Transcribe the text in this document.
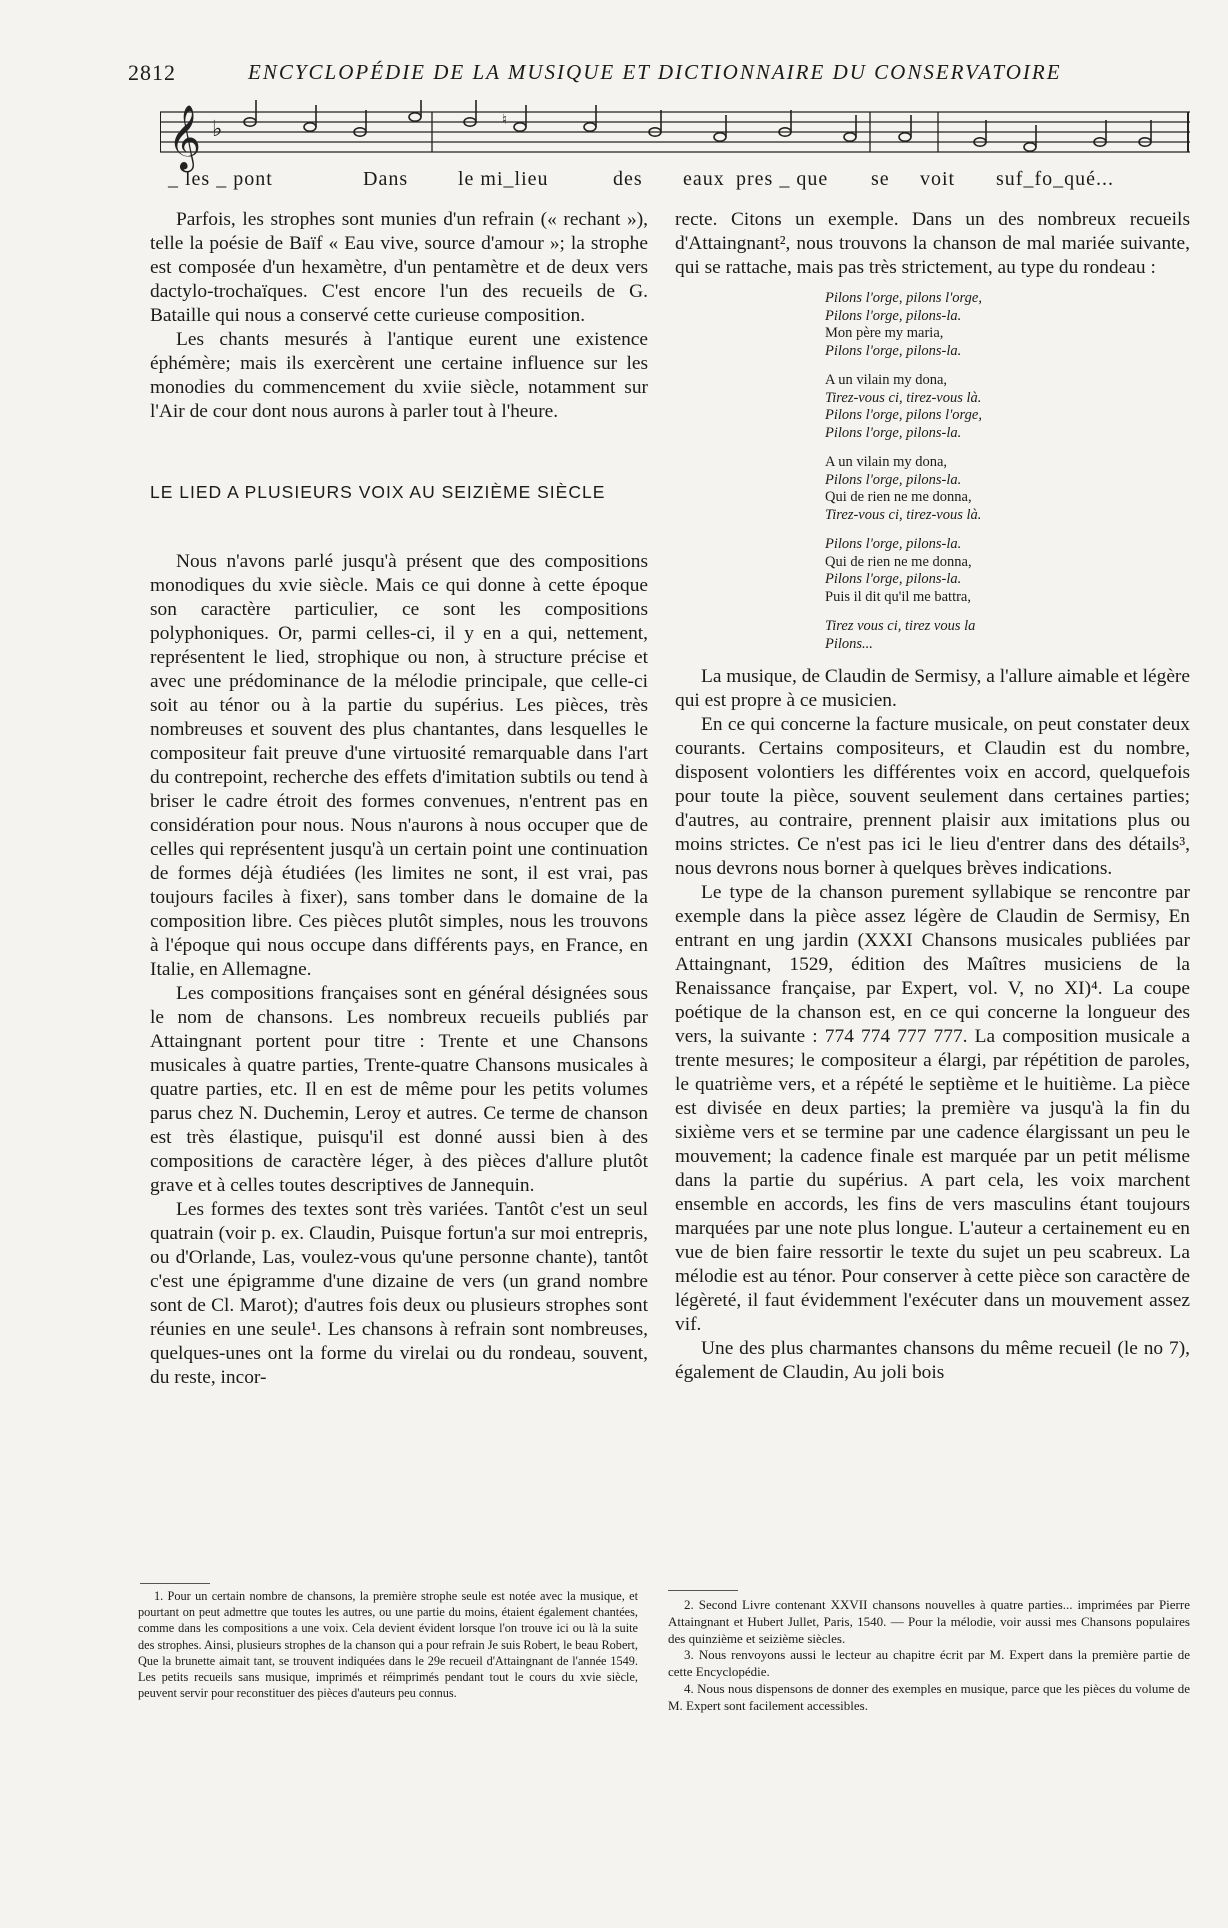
2812	ENCYCLOPÉDIE DE LA MUSIQUE ET DICTIONNAIRE DU CONSERVATOIRE
𝄞 ♭	♮
_ les _ pont	Dans le mi_lieu	des eaux pres _ que se voit suf_fo_qué...

Parfois, les strophes sont munies d'un refrain (« rechant »), telle la poésie de Baïf « Eau vive, source d'amour »; la strophe est composée d'un hexamètre, d'un pentamètre et de deux vers dactylo-trochaïques. C'est encore l'un des recueils de G. Bataille qui nous a conservé cette curieuse composition.

Les chants mesurés à l'antique eurent une existence éphémère; mais ils exercèrent une certaine influence sur les monodies du commencement du xviie siècle, notamment sur l'Air de cour dont nous aurons à parler tout à l'heure.

LE LIED A PLUSIEURS VOIX AU SEIZIÈME SIÈCLE

Nous n'avons parlé jusqu'à présent que des compositions monodiques du xvie siècle. Mais ce qui donne à cette époque son caractère particulier, ce sont les compositions polyphoniques. Or, parmi celles-ci, il y en a qui, nettement, représentent le lied, strophique ou non, à structure précise et avec une prédominance de la mélodie principale, que celle-ci soit au ténor ou à la partie du supérius. Les pièces, très nombreuses et souvent des plus chantantes, dans lesquelles le compositeur fait preuve d'une virtuosité remarquable dans l'art du contrepoint, recherche des effets d'imitation subtils ou tend à briser le cadre étroit des formes convenues, n'entrent pas en considération pour nous. Nous n'aurons à nous occuper que de celles qui représentent jusqu'à un certain point une continuation de formes déjà étudiées (les limites ne sont, il est vrai, pas toujours faciles à fixer), sans tomber dans le domaine de la composition libre. Ces pièces plutôt simples, nous les trouvons à l'époque qui nous occupe dans différents pays, en France, en Italie, en Allemagne.

Les compositions françaises sont en général désignées sous le nom de chansons. Les nombreux recueils publiés par Attaingnant portent pour titre : Trente et une Chansons musicales à quatre parties, Trente-quatre Chansons musicales à quatre parties, etc. Il en est de même pour les petits volumes parus chez N. Duchemin, Leroy et autres. Ce terme de chanson est très élastique, puisqu'il est donné aussi bien à des compositions de caractère léger, à des pièces d'allure plutôt grave et à celles toutes descriptives de Jannequin.

Les formes des textes sont très variées. Tantôt c'est un seul quatrain (voir p. ex. Claudin, Puisque fortun'a sur moi entrepris, ou d'Orlande, Las, voulez-vous qu'une personne chante), tantôt c'est une épigramme d'une dizaine de vers (un grand nombre sont de Cl. Marot); d'autres fois deux ou plusieurs strophes sont réunies en une seule¹. Les chansons à refrain sont nombreuses, quelques-unes ont la forme du virelai ou du rondeau, souvent, du reste, incor-

recte. Citons un exemple. Dans un des nombreux recueils d'Attaingnant², nous trouvons la chanson de mal mariée suivante, qui se rattache, mais pas très strictement, au type du rondeau :

Pilons l'orge, pilons l'orge,
Pilons l'orge, pilons-la.
Mon père my maria,
Pilons l'orge, pilons-la.
A un vilain my dona,
Tirez-vous ci, tirez-vous là.
Pilons l'orge, pilons l'orge,
Pilons l'orge, pilons-la.
A un vilain my dona,
Pilons l'orge, pilons-la.
Qui de rien ne me donna,
Tirez-vous ci, tirez-vous là.
Pilons l'orge, pilons-la.
Qui de rien ne me donna,
Pilons l'orge, pilons-la.
Puis il dit qu'il me battra,
Tirez vous ci, tirez vous la
Pilons...

La musique, de Claudin de Sermisy, a l'allure aimable et légère qui est propre à ce musicien.

En ce qui concerne la facture musicale, on peut constater deux courants. Certains compositeurs, et Claudin est du nombre, disposent volontiers les différentes voix en accord, quelquefois pour toute la pièce, souvent seulement dans certaines parties; d'autres, au contraire, prennent plaisir aux imitations plus ou moins strictes. Ce n'est pas ici le lieu d'entrer dans des détails³, nous devrons nous borner à quelques brèves indications.

Le type de la chanson purement syllabique se rencontre par exemple dans la pièce assez légère de Claudin de Sermisy, En entrant en ung jardin (XXXI Chansons musicales publiées par Attaingnant, 1529, édition des Maîtres musiciens de la Renaissance française, par Expert, vol. V, no XI)⁴. La coupe poétique de la chanson est, en ce qui concerne la longueur des vers, la suivante : 774 774 777 777. La composition musicale a trente mesures; le compositeur a élargi, par répétition de paroles, le quatrième vers, et a répété le septième et le huitième. La pièce est divisée en deux parties; la première va jusqu'à la fin du sixième vers et se termine par une cadence élargissant un peu le mouvement; la cadence finale est marquée par un petit mélisme dans la partie du supérius. A part cela, les voix marchent ensemble en accords, les fins de vers masculins étant toujours marquées par une note plus longue. L'auteur a certainement eu en vue de bien faire ressortir le texte du sujet un peu scabreux. La mélodie est au ténor. Pour conserver à cette pièce son caractère de légèreté, il faut évidemment l'exécuter dans un mouvement assez vif.

Une des plus charmantes chansons du même recueil (le no 7), également de Claudin, Au joli bois

1. Pour un certain nombre de chansons, la première strophe seule est notée avec la musique, et pourtant on peut admettre que toutes les autres, ou une partie du moins, étaient également chantées, comme dans les compositions a une voix. Cela devient évident lorsque l'on trouve ici ou là la suite des strophes. Ainsi, plusieurs strophes de la chanson qui a pour refrain Je suis Robert, le beau Robert, Que la brunette aimait tant, se trouvent indiquées dans le 29e recueil d'Attaingnant de l'année 1549. Les petits recueils sans musique, imprimés et réimprimés pendant tout le cours du xvie siècle, peuvent servir pour reconstituer des pièces d'auteurs peu connus.

2. Second Livre contenant XXVII chansons nouvelles à quatre parties... imprimées par Pierre Attaingnant et Hubert Jullet, Paris, 1540. — Pour la mélodie, voir aussi mes Chansons populaires des quinzième et seizième siècles.

3. Nous renvoyons aussi le lecteur au chapitre écrit par M. Expert dans la première partie de cette Encyclopédie.

4. Nous nous dispensons de donner des exemples en musique, parce que les pièces du volume de M. Expert sont facilement accessibles.
